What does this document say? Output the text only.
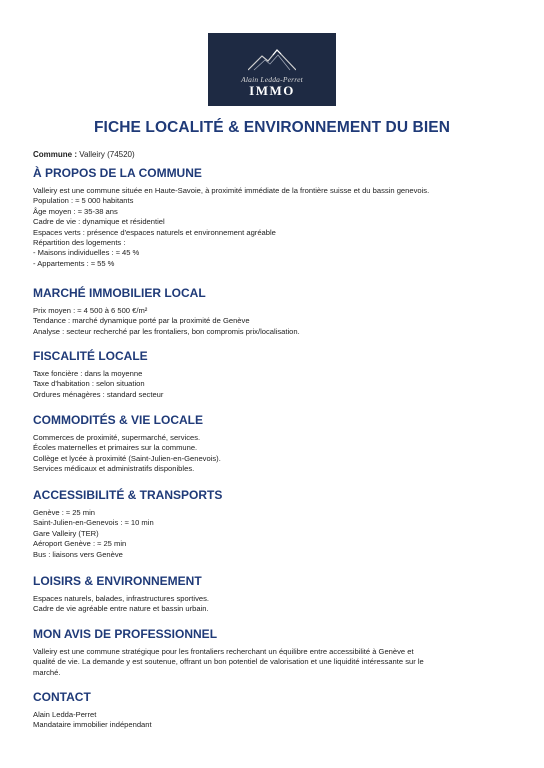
Alain Ledda-Perret
IMMO
FICHE LOCALITÉ & ENVIRONNEMENT DU BIEN
Commune : Valleiry (74520)
À PROPOS DE LA COMMUNE

Valleiry est une commune située en Haute-Savoie, à proximité immédiate de la frontière suisse et du bassin genevois.

Population : ≈ 5 000 habitants

Âge moyen : ≈ 35-38 ans

Cadre de vie : dynamique et résidentiel

Espaces verts : présence d'espaces naturels et environnement agréable

Répartition des logements :

- Maisons individuelles : ≈ 45 %

- Appartements : ≈ 55 %

MARCHÉ IMMOBILIER LOCAL

Prix moyen : ≈ 4 500 à 6 500 €/m²

Tendance : marché dynamique porté par la proximité de Genève

Analyse : secteur recherché par les frontaliers, bon compromis prix/localisation.

FISCALITÉ LOCALE

Taxe foncière : dans la moyenne

Taxe d'habitation : selon situation

Ordures ménagères : standard secteur

COMMODITÉS & VIE LOCALE

Commerces de proximité, supermarché, services.

Écoles maternelles et primaires sur la commune.

Collège et lycée à proximité (Saint-Julien-en-Genevois).

Services médicaux et administratifs disponibles.

ACCESSIBILITÉ & TRANSPORTS

Genève : ≈ 25 min

Saint-Julien-en-Genevois : ≈ 10 min

Gare Valleiry (TER)

Aéroport Genève : ≈ 25 min

Bus : liaisons vers Genève

LOISIRS & ENVIRONNEMENT

Espaces naturels, balades, infrastructures sportives.

Cadre de vie agréable entre nature et bassin urbain.

MON AVIS DE PROFESSIONNEL

Valleiry est une commune stratégique pour les frontaliers recherchant un équilibre entre accessibilité à Genève et

qualité de vie. La demande y est soutenue, offrant un bon potentiel de valorisation et une liquidité intéressante sur le

marché.

CONTACT

Alain Ledda-Perret

Mandataire immobilier indépendant
